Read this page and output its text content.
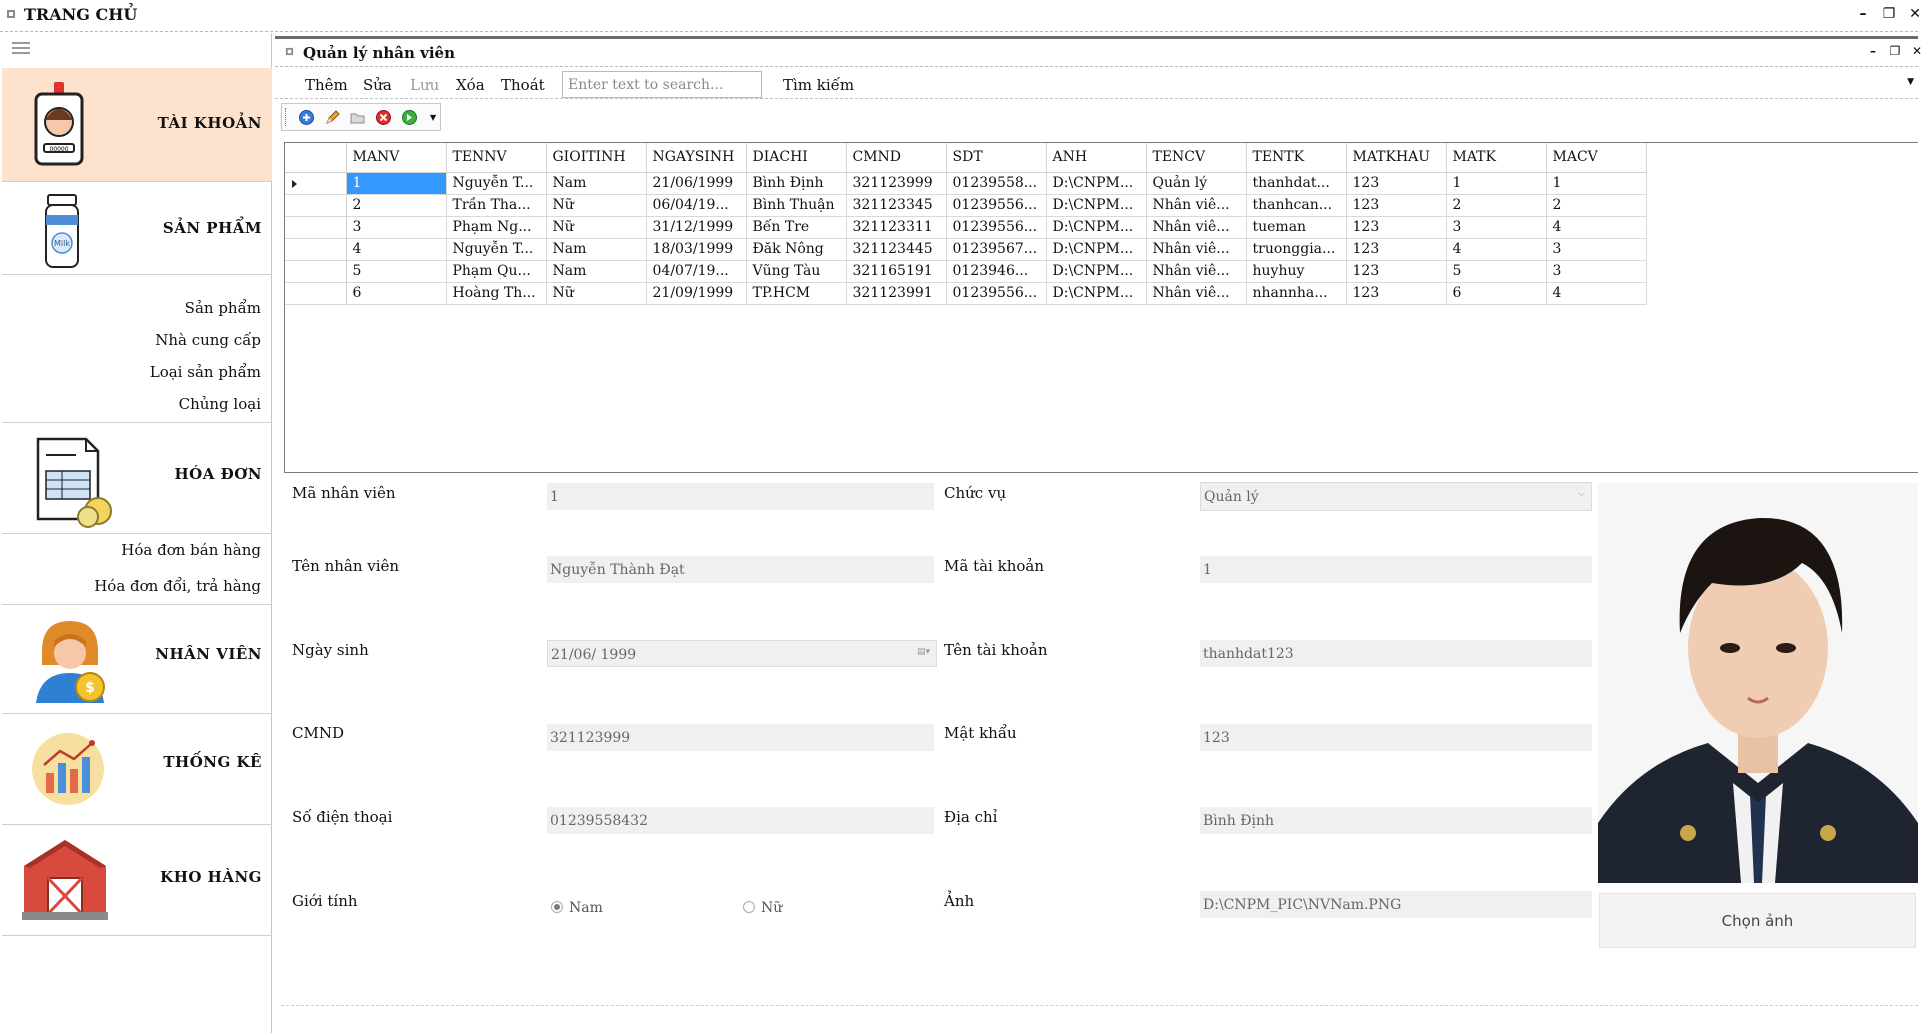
TRANG CHỦ	–	❐ ✕
00000
TÀI KHOẢN
Milk
SẢN PHẨM
Sản phẩm
Nhà cung cấp
Loại sản phẩm
Chủng loại
HÓA ĐƠN
Hóa đơn bán hàng
Hóa đơn đổi, trả hàng
$
NHÂN VIÊN
THỐNG KÊ
KHO HÀNG
Quản lý nhân viên	–	❐ ✕
Thêm Sửa Lưu Xóa Thoát
Enter text to search...	Tìm kiếm	▼
▼
	MANV	TENNV	GIOITINH	NGAYSINH	DIACHI	CMND	SDT	ANH	TENCV	TENTK	MATKHAU	MATK	MACV
	1	Nguyễn T...	Nam	21/06/1999	Bình Định	321123999	01239558...	D:\CNPM...	Quản lý	thanhdat...	123	1	1
	2	Trần Tha...	Nữ	06/04/19...	Bình Thuận	321123345	01239556...	D:\CNPM...	Nhân viê...	thanhcan...	123	2	2
	3	Phạm Ng...	Nữ	31/12/1999	Bến Tre	321123311	01239556...	D:\CNPM...	Nhân viê...	tueman	123	3	4
	4	Nguyễn T...	Nam	18/03/1999	Đăk Nông	321123445	01239567...	D:\CNPM...	Nhân viê...	truonggia...	123	4	3
	5	Phạm Qu...	Nam	04/07/19...	Vũng Tàu	321165191	0123946...	D:\CNPM...	Nhân viê...	huyhuy	123	5	3
	6	Hoàng Th...	Nữ	21/09/1999	TP.HCM	321123991	01239556...	D:\CNPM...	Nhân viê...	nhannha...	123	6	4
Mã nhân viên	1
Tên nhân viên	Nguyễn Thành Đạt
Ngày sinh	21/06/ 1999	▤▾
CMND	321123999
Số điện thoại	01239558432
Giới tính	Nam	Nữ
Chức vụ	Quản lý	⌵
Mã tài khoản	1
Tên tài khoản	thanhdat123
Mật khẩu	123
Địa chỉ	Bình Định
Ảnh	D:\CNPM_PIC\NVNam.PNG
Chọn ảnh
